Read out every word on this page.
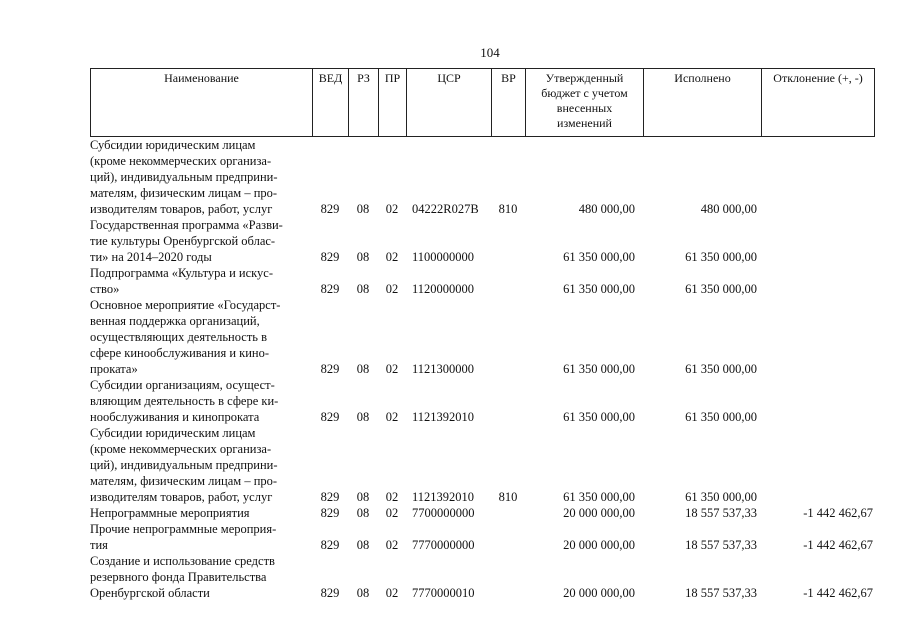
104
Наименование	ВЕД	РЗ	ПР	ЦСР	ВР	Утвержденный бюджет с учетом внесенных изменений	Исполнено	Отклонение (+, -)
Субсидии юридическим лицам
(кроме некоммерческих организа-
ций), индивидуальным предприни-
мателям, физическим лицам – про-
изводителям товаров, работ, услуг	829	08	02	04222R027B	810	480 000,00	480 000,00
Государственная программа «Разви-
тие культуры Оренбургской облас-
ти» на 2014–2020 годы	829	08	02	1100000000	61 350 000,00	61 350 000,00
Подпрограмма «Культура и искус-
ство»	829	08	02	1120000000	61 350 000,00	61 350 000,00
Основное мероприятие «Государст-
венная поддержка организаций,
осуществляющих деятельность в
сфере кинообслуживания и кино-
проката»	829	08	02	1121300000	61 350 000,00	61 350 000,00
Субсидии организациям, осущест-
вляющим деятельность в сфере ки-
нообслуживания и кинопроката	829	08	02	1121392010	61 350 000,00	61 350 000,00
Субсидии юридическим лицам
(кроме некоммерческих организа-
ций), индивидуальным предприни-
мателям, физическим лицам – про-
изводителям товаров, работ, услуг	829	08	02	1121392010	810	61 350 000,00	61 350 000,00
Непрограммные мероприятия	829	08	02	7700000000	20 000 000,00	18 557 537,33	-1 442 462,67
Прочие непрограммные мероприя-
тия	829	08	02	7770000000	20 000 000,00	18 557 537,33	-1 442 462,67
Создание и использование средств
резервного фонда Правительства
Оренбургской области	829	08	02	7770000010	20 000 000,00	18 557 537,33	-1 442 462,67
